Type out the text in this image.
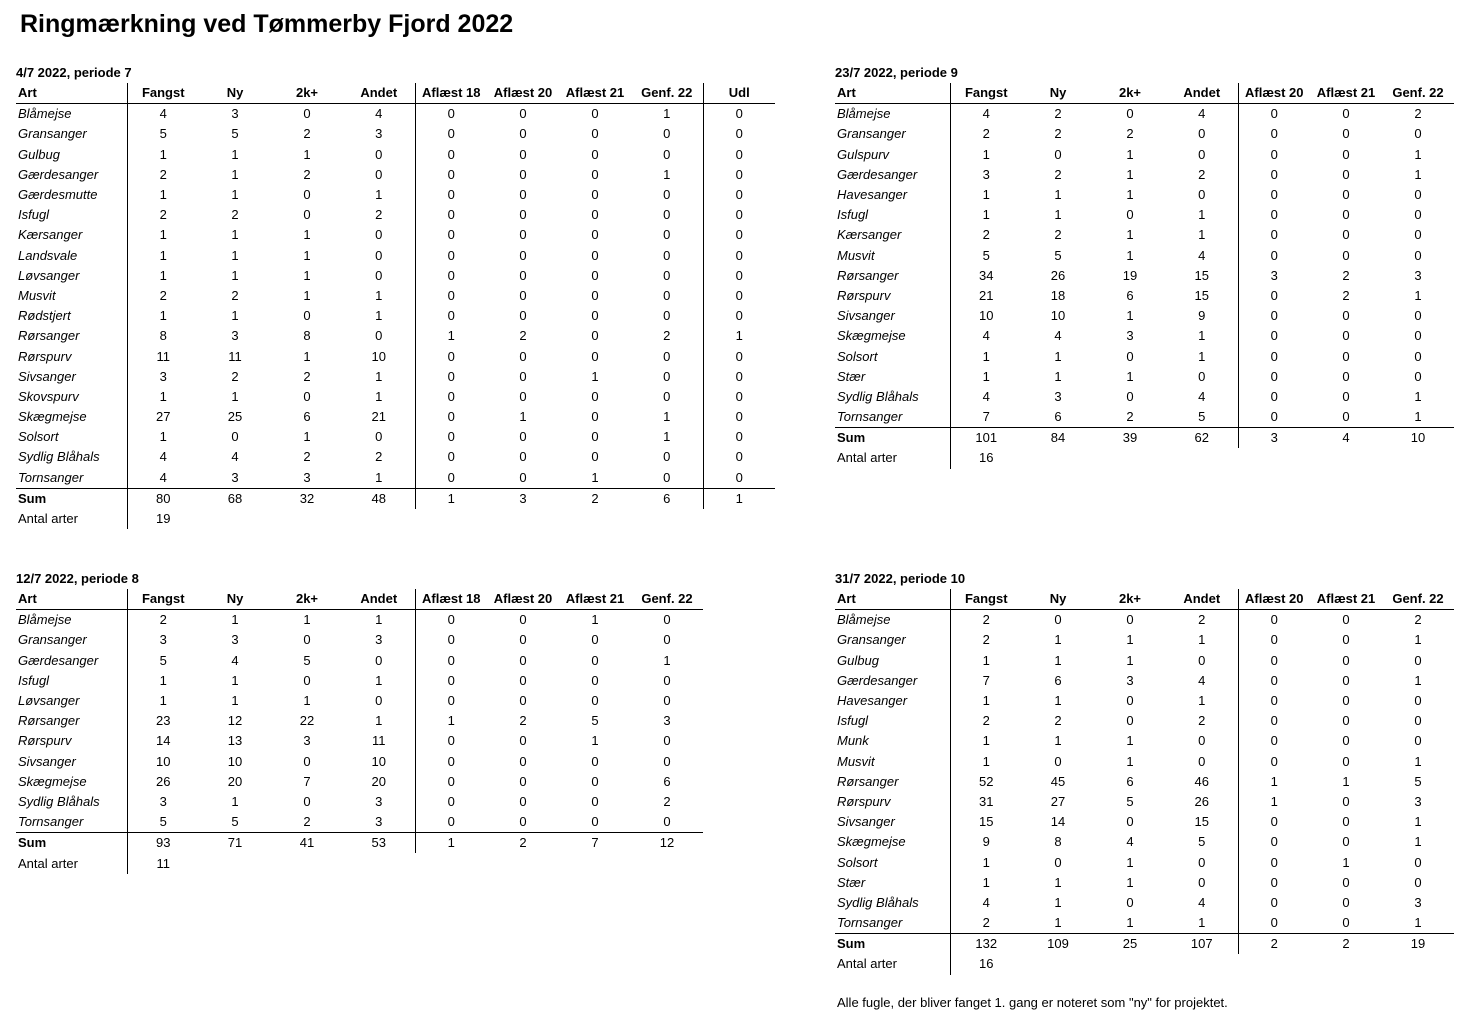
Ringmærkning ved Tømmerby Fjord 2022
4/7 2022, periode 7
Art	Fangst	Ny	2k+	Andet	Aflæst 18	Aflæst 20	Aflæst 21	Genf. 22	Udl
Blåmejse	4	3	0	4	0	0	0	1	0
Gransanger	5	5	2	3	0	0	0	0	0
Gulbug	1	1	1	0	0	0	0	0	0
Gærdesanger	2	1	2	0	0	0	0	1	0
Gærdesmutte	1	1	0	1	0	0	0	0	0
Isfugl	2	2	0	2	0	0	0	0	0
Kærsanger	1	1	1	0	0	0	0	0	0
Landsvale	1	1	1	0	0	0	0	0	0
Løvsanger	1	1	1	0	0	0	0	0	0
Musvit	2	2	1	1	0	0	0	0	0
Rødstjert	1	1	0	1	0	0	0	0	0
Rørsanger	8	3	8	0	1	2	0	2	1
Rørspurv	11	11	1	10	0	0	0	0	0
Sivsanger	3	2	2	1	0	0	1	0	0
Skovspurv	1	1	0	1	0	0	0	0	0
Skægmejse	27	25	6	21	0	1	0	1	0
Solsort	1	0	1	0	0	0	0	1	0
Sydlig Blåhals	4	4	2	2	0	0	0	0	0
Tornsanger	4	3	3	1	0	0	1	0	0
Sum	80	68	32	48	1	3	2	6	1
Antal arter	19								
23/7 2022, periode 9
Art	Fangst	Ny	2k+	Andet	Aflæst 20	Aflæst 21	Genf. 22
Blåmejse	4	2	0	4	0	0	2
Gransanger	2	2	2	0	0	0	0
Gulspurv	1	0	1	0	0	0	1
Gærdesanger	3	2	1	2	0	0	1
Havesanger	1	1	1	0	0	0	0
Isfugl	1	1	0	1	0	0	0
Kærsanger	2	2	1	1	0	0	0
Musvit	5	5	1	4	0	0	0
Rørsanger	34	26	19	15	3	2	3
Rørspurv	21	18	6	15	0	2	1
Sivsanger	10	10	1	9	0	0	0
Skægmejse	4	4	3	1	0	0	0
Solsort	1	1	0	1	0	0	0
Stær	1	1	1	0	0	0	0
Sydlig Blåhals	4	3	0	4	0	0	1
Tornsanger	7	6	2	5	0	0	1
Sum	101	84	39	62	3	4	10
Antal arter	16						
12/7 2022, periode 8
Art	Fangst	Ny	2k+	Andet	Aflæst 18	Aflæst 20	Aflæst 21	Genf. 22
Blåmejse	2	1	1	1	0	0	1	0
Gransanger	3	3	0	3	0	0	0	0
Gærdesanger	5	4	5	0	0	0	0	1
Isfugl	1	1	0	1	0	0	0	0
Løvsanger	1	1	1	0	0	0	0	0
Rørsanger	23	12	22	1	1	2	5	3
Rørspurv	14	13	3	11	0	0	1	0
Sivsanger	10	10	0	10	0	0	0	0
Skægmejse	26	20	7	20	0	0	0	6
Sydlig Blåhals	3	1	0	3	0	0	0	2
Tornsanger	5	5	2	3	0	0	0	0
Sum	93	71	41	53	1	2	7	12
Antal arter	11							
31/7 2022, periode 10
Art	Fangst	Ny	2k+	Andet	Aflæst 20	Aflæst 21	Genf. 22
Blåmejse	2	0	0	2	0	0	2
Gransanger	2	1	1	1	0	0	1
Gulbug	1	1	1	0	0	0	0
Gærdesanger	7	6	3	4	0	0	1
Havesanger	1	1	0	1	0	0	0
Isfugl	2	2	0	2	0	0	0
Munk	1	1	1	0	0	0	0
Musvit	1	0	1	0	0	0	1
Rørsanger	52	45	6	46	1	1	5
Rørspurv	31	27	5	26	1	0	3
Sivsanger	15	14	0	15	0	0	1
Skægmejse	9	8	4	5	0	0	1
Solsort	1	0	1	0	0	1	0
Stær	1	1	1	0	0	0	0
Sydlig Blåhals	4	1	0	4	0	0	3
Tornsanger	2	1	1	1	0	0	1
Sum	132	109	25	107	2	2	19
Antal arter	16						
Alle fugle, der bliver fanget 1. gang er noteret som "ny" for projektet.
